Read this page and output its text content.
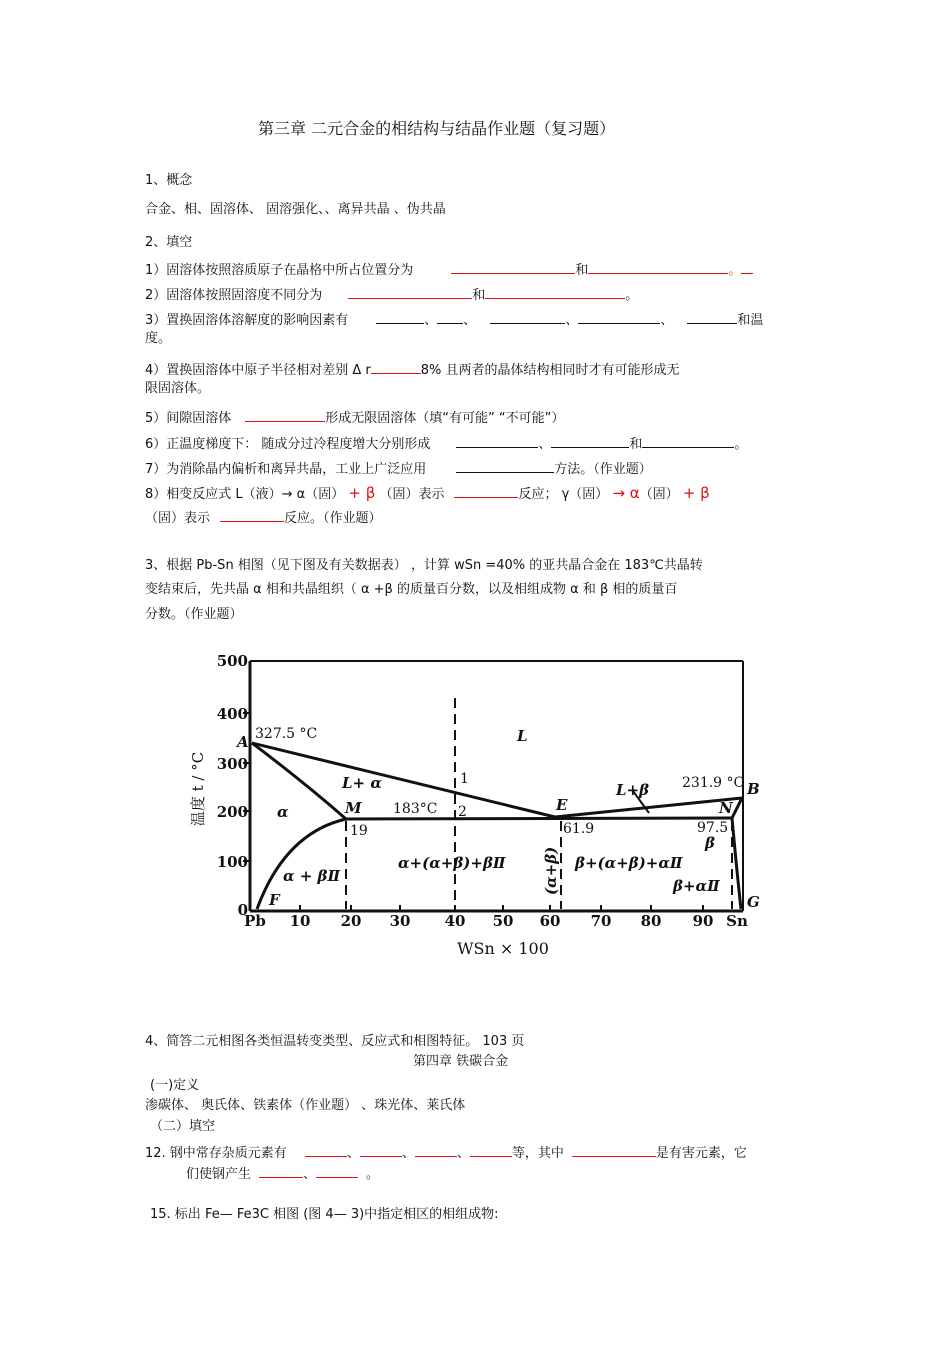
第三章 二元合金的相结构与结晶作业题（复习题）
1、概念
合金、相、固溶体、 固溶强化、、离异共晶 、伪共晶
2、填空
1）固溶体按照溶质原子在晶格中所占位置分为	和	。
2）固溶体按照固溶度不同分为	和	。
3）置换固溶体溶解度的影响因素有	、 、	、	、	和温
度。
4）置换固溶体中原子半径相对差别 Δ r	8% 且两者的晶体结构相同时才有可能形成无
限固溶体。
5）间隙固溶体	形成无限固溶体（填“有可能” “不可能”）
6）正温度梯度下： 随成分过冷程度增大分别形成	、	和	。
7）为消除晶内偏析和离异共晶，工业上广泛应用	方法。（作业题）
8）相变反应式 L（液）→ α（固） + β （固）表示	反应； γ（固） → α（固） + β
（固）表示	反应。（作业题）
3、根据 Pb-Sn 相图（见下图及有关数据表） ，计算 wSn =40% 的亚共晶合金在 183℃共晶转
变结束后，先共晶 α 相和共晶组织（ α +β 的质量百分数，以及相组成物 α 和 β 相的质量百
分数。（作业题）
500
400
300
200
100
0
温度 t / °C
10 20 30 40 50 60 70 80 90
Pb	Sn
WSn × 100
A
B
M	E	N
F	G
327.5 °C
231.9 °C
183°C
19	61.9	97.5
1
2
L
L+ α	L+β
α
β
α + βⅡ
α+(α+β)+βⅡ (α+β) β+(α+β)+αⅡ
β+αⅡ
4、简答二元相图各类恒温转变类型、反应式和相图特征。 103 页
第四章 铁碳合金
(一)定义
渗碳体、 奥氏体、铁素体（作业题） 、珠光体、莱氏体
（二）填空
12. 钢中常存杂质元素有	、	、	、	等，其中	是有害元素，它
们使钢产生	、	。
15. 标出 Fe— Fe3C 相图 (图 4— 3)中指定相区的相组成物:
